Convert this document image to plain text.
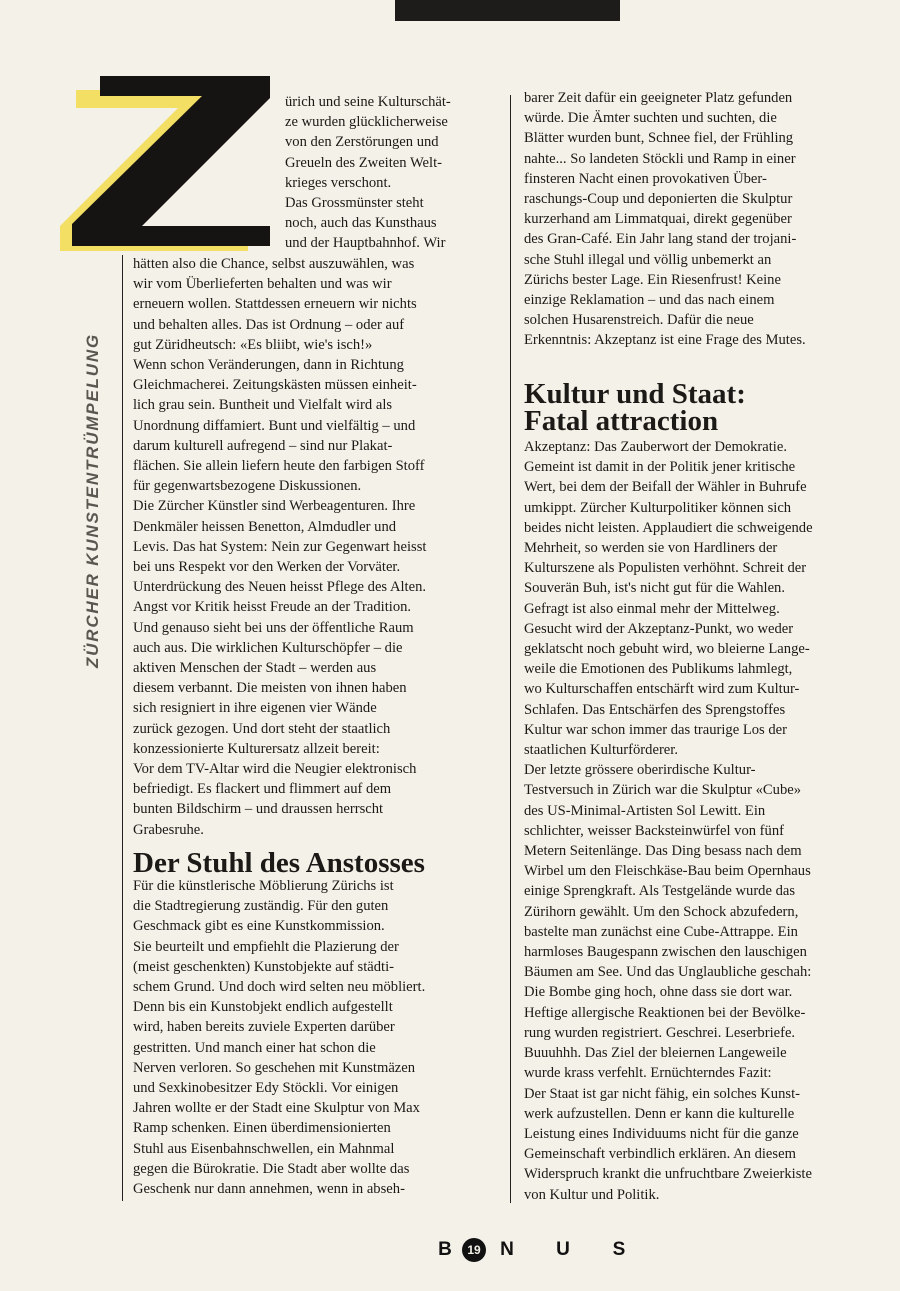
ZÜRCHER KUNSTENTRÜMPELUNG

ürich und seine Kulturschät-

ze wurden glücklicherweise

von den Zerstörungen und

Greueln des Zweiten Welt-

krieges verschont.

Das Grossmünster steht

noch, auch das Kunsthaus

und der Hauptbahnhof. Wir

hätten also die Chance, selbst auszuwählen, was

wir vom Überlieferten behalten und was wir

erneuern wollen. Stattdessen erneuern wir nichts

und behalten alles. Das ist Ordnung – oder auf

gut Züridheutsch: «Es bliibt, wie's isch!»

Wenn schon Veränderungen, dann in Richtung

Gleichmacherei. Zeitungskästen müssen einheit-

lich grau sein. Buntheit und Vielfalt wird als

Unordnung diffamiert. Bunt und vielfältig – und

darum kulturell aufregend – sind nur Plakat-

flächen. Sie allein liefern heute den farbigen Stoff

für gegenwartsbezogene Diskussionen.

Die Zürcher Künstler sind Werbeagenturen. Ihre

Denkmäler heissen Benetton, Almdudler und

Levis. Das hat System: Nein zur Gegenwart heisst

bei uns Respekt vor den Werken der Vorväter.

Unterdrückung des Neuen heisst Pflege des Alten.

Angst vor Kritik heisst Freude an der Tradition.

Und genauso sieht bei uns der öffentliche Raum

auch aus. Die wirklichen Kulturschöpfer – die

aktiven Menschen der Stadt – werden aus

diesem verbannt. Die meisten von ihnen haben

sich resigniert in ihre eigenen vier Wände

zurück gezogen. Und dort steht der staatlich

konzessionierte Kulturersatz allzeit bereit:

Vor dem TV-Altar wird die Neugier elektronisch

befriedigt. Es flackert und flimmert auf dem

bunten Bildschirm – und draussen herrscht

Grabesruhe.

Der Stuhl des Anstosses

Für die künstlerische Möblierung Zürichs ist

die Stadtregierung zuständig. Für den guten

Geschmack gibt es eine Kunstkommission.

Sie beurteilt und empfiehlt die Plazierung der

(meist geschenkten) Kunstobjekte auf städti-

schem Grund. Und doch wird selten neu möbliert.

Denn bis ein Kunstobjekt endlich aufgestellt

wird, haben bereits zuviele Experten darüber

gestritten. Und manch einer hat schon die

Nerven verloren. So geschehen mit Kunstmäzen

und Sexkinobesitzer Edy Stöckli. Vor einigen

Jahren wollte er der Stadt eine Skulptur von Max

Ramp schenken. Einen überdimensionierten

Stuhl aus Eisenbahnschwellen, ein Mahnmal

gegen die Bürokratie. Die Stadt aber wollte das

Geschenk nur dann annehmen, wenn in abseh-

barer Zeit dafür ein geeigneter Platz gefunden

würde. Die Ämter suchten und suchten, die

Blätter wurden bunt, Schnee fiel, der Frühling

nahte... So landeten Stöckli und Ramp in einer

finsteren Nacht einen provokativen Über-

raschungs-Coup und deponierten die Skulptur

kurzerhand am Limmatquai, direkt gegenüber

des Gran-Café. Ein Jahr lang stand der trojani-

sche Stuhl illegal und völlig unbemerkt an

Zürichs bester Lage. Ein Riesenfrust! Keine

einzige Reklamation – und das nach einem

solchen Husarenstreich. Dafür die neue

Erkenntnis: Akzeptanz ist eine Frage des Mutes.

Kultur und Staat:
Fatal attraction

Akzeptanz: Das Zauberwort der Demokratie.

Gemeint ist damit in der Politik jener kritische

Wert, bei dem der Beifall der Wähler in Buhrufe

umkippt. Zürcher Kulturpolitiker können sich

beides nicht leisten. Applaudiert die schweigende

Mehrheit, so werden sie von Hardliners der

Kulturszene als Populisten verhöhnt. Schreit der

Souverän Buh, ist's nicht gut für die Wahlen.

Gefragt ist also einmal mehr der Mittelweg.

Gesucht wird der Akzeptanz-Punkt, wo weder

geklatscht noch gebuht wird, wo bleierne Lange-

weile die Emotionen des Publikums lahmlegt,

wo Kulturschaffen entschärft wird zum Kultur-

Schlafen. Das Entschärfen des Sprengstoffes

Kultur war schon immer das traurige Los der

staatlichen Kulturförderer.

Der letzte grössere oberirdische Kultur-

Testversuch in Zürich war die Skulptur «Cube»

des US-Minimal-Artisten Sol Lewitt. Ein

schlichter, weisser Backsteinwürfel von fünf

Metern Seitenlänge. Das Ding besass nach dem

Wirbel um den Fleischkäse-Bau beim Opernhaus

einige Sprengkraft. Als Testgelände wurde das

Zürihorn gewählt. Um den Schock abzufedern,

bastelte man zunächst eine Cube-Attrappe. Ein

harmloses Baugespann zwischen den lauschigen

Bäumen am See. Und das Unglaubliche geschah:

Die Bombe ging hoch, ohne dass sie dort war.

Heftige allergische Reaktionen bei der Bevölke-

rung wurden registriert. Geschrei. Leserbriefe.

Buuuhhh. Das Ziel der bleiernen Langeweile

wurde krass verfehlt. Ernüchterndes Fazit:

Der Staat ist gar nicht fähig, ein solches Kunst-

werk aufzustellen. Denn er kann die kulturelle

Leistung eines Individuums nicht für die ganze

Gemeinschaft verbindlich erklären. An diesem

Widerspruch krankt die unfruchtbare Zweierkiste

von Kultur und Politik.

B	19	N	U	S
